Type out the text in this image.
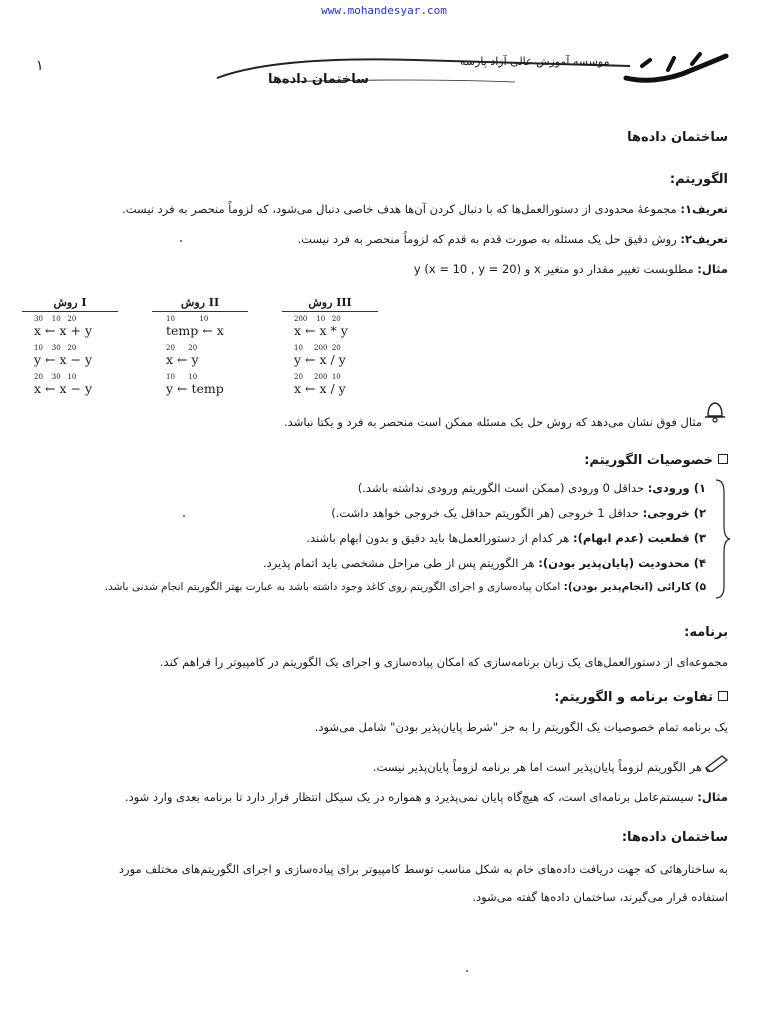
www.mohandesyar.com
۱	موسسه آموزش عالی آزاد پارسه
ساختمان داده‌ها
ساختمان داده‌ها
الگوریتم:
تعریف۱: مجموعهٔ محدودی از دستورالعمل‌ها که با دنبال کردن آن‌ها هدف خاصی دنبال می‌شود، که لزوماً منحصر به فرد نیست.
تعریف۲: روش دقیق حل یک مسئله به صورت قدم به قدم که لزوماً منحصر به فرد نیست.
مثال: مطلوبست تغییر مقدار دو متغیر x و y (x = 10 , y = 20)
روش I
30    10   20
x ← x + y
10    30   20
y ← x − y
20    30   10
x ← x − y
روش II
10           10
temp ← x
20      20
x ← y
10      10
y ← temp
روش III
200    10   20
x ← x * y
10     200  20
y ← x / y
20     200  10
x ← x / y
مثال فوق نشان می‌دهد که روش حل یک مسئله ممکن است منحصر به فرد و یکتا نباشد.
خصوصیات الگوریتم:
۱) ورودی: حداقل 0 ورودی (ممکن است الگوریتم ورودی نداشته باشد.)
۲) خروجی: حداقل 1 خروجی (هر الگوریتم حداقل یک خروجی خواهد داشت.)
۳) قطعیت (عدم ابهام): هر کدام از دستورالعمل‌ها باید دقیق و بدون ابهام باشند.
۴) محدودیت (پایان‌پذیر بودن): هر الگوریتم پس از طی مراحل مشخصی باید اتمام پذیرد.
۵) کارائی (انجام‌پذیر بودن): امکان پیاده‌سازی و اجرای الگوریتم روی کاغذ وجود داشته باشد به عبارت بهتر الگوریتم انجام شدنی باشد.
برنامه:
مجموعه‌ای از دستورالعمل‌های یک زبان برنامه‌سازی که امکان پیاده‌سازی و اجرای یک الگوریتم در کامپیوتر را فراهم کند.
تفاوت برنامه و الگوریتم:
یک برنامه تمام خصوصیات یک الگوریتم را به جز "شرط پایان‌پذیر بودن" شامل می‌شود.
هر الگوریتم لزوماً پایان‌پذیر است اما هر برنامه لزوماً پایان‌پذیر نیست.
مثال: سیستم‌عامل برنامه‌ای است، که هیچ‌گاه پایان نمی‌پذیرد و همواره در یک سیکل انتظار قرار دارد تا برنامه بعدی وارد شود.
ساختمان داده‌ها:
به ساختارهائی که جهت دریافت داده‌های خام به شکل مناسب توسط کامپیوتر برای پیاده‌سازی و اجرای الگوریتم‌های مختلف مورد
استفاده قرار می‌گیرند، ساختمان داده‌ها گفته می‌شود.
